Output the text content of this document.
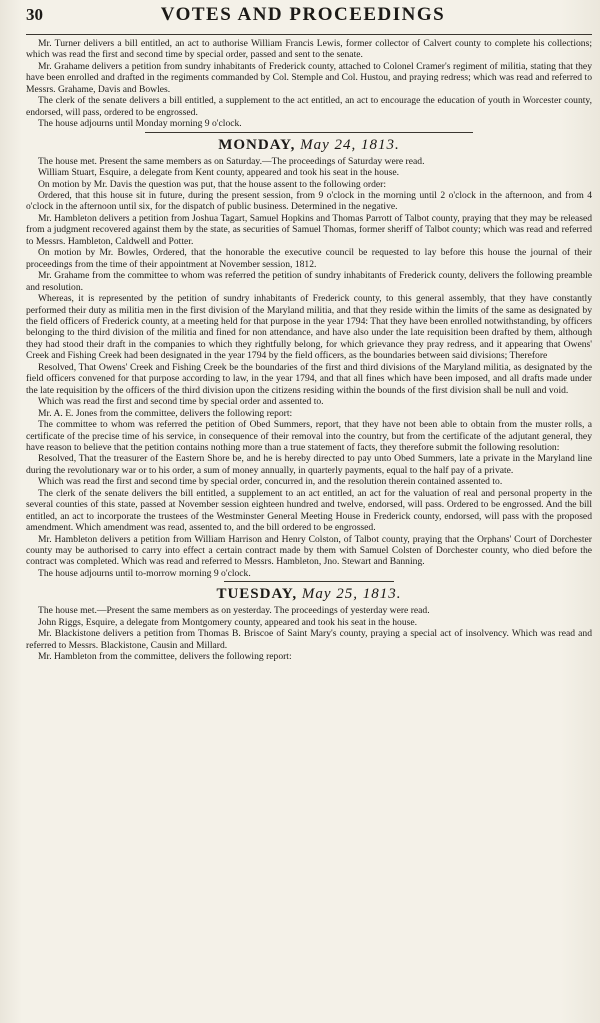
30	VOTES AND PROCEEDINGS

Mr. Turner delivers a bill entitled, an act to authorise William Francis Lewis, former collector of Calvert county to complete his collections; which was read the first and second time by special order, passed and sent to the senate.

Mr. Grahame delivers a petition from sundry inhabitants of Frederick county, attached to Colonel Cramer's regiment of militia, stating that they have been enrolled and drafted in the regiments commanded by Col. Stemple and Col. Hustou, and praying redress; which was read and referred to Messrs. Grahame, Davis and Bowles.

The clerk of the senate delivers a bill entitled, a supplement to the act entitled, an act to encourage the education of youth in Worcester county, endorsed, will pass, ordered to be engrossed.

The house adjourns until Monday morning 9 o'clock.

MONDAY, May 24, 1813.

The house met. Present the same members as on Saturday.—The proceedings of Saturday were read.

William Stuart, Esquire, a delegate from Kent county, appeared and took his seat in the house.

On motion by Mr. Davis the question was put, that the house assent to the following order:

Ordered, that this house sit in future, during the present session, from 9 o'clock in the morning until 2 o'clock in the afternoon, and from 4 o'clock in the afternoon until six, for the dispatch of public business. Determined in the negative.

Mr. Hambleton delivers a petition from Joshua Tagart, Samuel Hopkins and Thomas Parrott of Talbot county, praying that they may be released from a judgment recovered against them by the state, as securities of Samuel Thomas, former sheriff of Talbot county; which was read and referred to Messrs. Hambleton, Caldwell and Potter.

On motion by Mr. Bowles, Ordered, that the honorable the executive council be requested to lay before this house the journal of their proceedings from the time of their appointment at November session, 1812.

Mr. Grahame from the committee to whom was referred the petition of sundry inhabitants of Frederick county, delivers the following preamble and resolution.

Whereas, it is represented by the petition of sundry inhabitants of Frederick county, to this general assembly, that they have constantly performed their duty as militia men in the first division of the Maryland militia, and that they reside within the limits of the same as designated by the field officers of Frederick county, at a meeting held for that purpose in the year 1794: That they have been enrolled notwithstanding, by officers belonging to the third division of the militia and fined for non attendance, and have also under the late requisition been drafted by them, although they had stood their draft in the companies to which they rightfully belong, for which grievance they pray redress, and it appearing that Owens' Creek and Fishing Creek had been designated in the year 1794 by the field officers, as the boundaries between said divisions; Therefore

Resolved, That Owens' Creek and Fishing Creek be the boundaries of the first and third divisions of the Maryland militia, as designated by the field officers convened for that purpose according to law, in the year 1794, and that all fines which have been imposed, and all drafts made under the late requisition by the officers of the third division upon the citizens residing within the bounds of the first division shall be null and void.

Which was read the first and second time by special order and assented to.

Mr. A. E. Jones from the committee, delivers the following report:

The committee to whom was referred the petition of Obed Summers, report, that they have not been able to obtain from the muster rolls, a certificate of the precise time of his service, in consequence of their removal into the country, but from the certificate of the adjutant general, they have reason to believe that the petition contains nothing more than a true statement of facts, they therefore submit the following resolution:

Resolved, That the treasurer of the Eastern Shore be, and he is hereby directed to pay unto Obed Summers, late a private in the Maryland line during the revolutionary war or to his order, a sum of money annually, in quarterly payments, equal to the half pay of a private.

Which was read the first and second time by special order, concurred in, and the resolution therein contained assented to.

The clerk of the senate delivers the bill entitled, a supplement to an act entitled, an act for the valuation of real and personal property in the several counties of this state, passed at November session eighteen hundred and twelve, endorsed, will pass. Ordered to be engrossed. And the bill entitled, an act to incorporate the trustees of the Westminster General Meeting House in Frederick county, endorsed, will pass with the proposed amendment. Which amendment was read, assented to, and the bill ordered to be engrossed.

Mr. Hambleton delivers a petition from William Harrison and Henry Colston, of Talbot county, praying that the Orphans' Court of Dorchester county may be authorised to carry into effect a certain contract made by them with Samuel Colsten of Dorchester county, who died before the contract was completed. Which was read and referred to Messrs. Hambleton, Jno. Stewart and Banning.

The house adjourns until to-morrow morning 9 o'clock.

TUESDAY, May 25, 1813.

The house met.—Present the same members as on yesterday. The proceedings of yesterday were read.

John Riggs, Esquire, a delegate from Montgomery county, appeared and took his seat in the house.

Mr. Blackistone delivers a petition from Thomas B. Briscoe of Saint Mary's county, praying a special act of insolvency. Which was read and referred to Messrs. Blackistone, Causin and Millard.

Mr. Hambleton from the committee, delivers the following report:
